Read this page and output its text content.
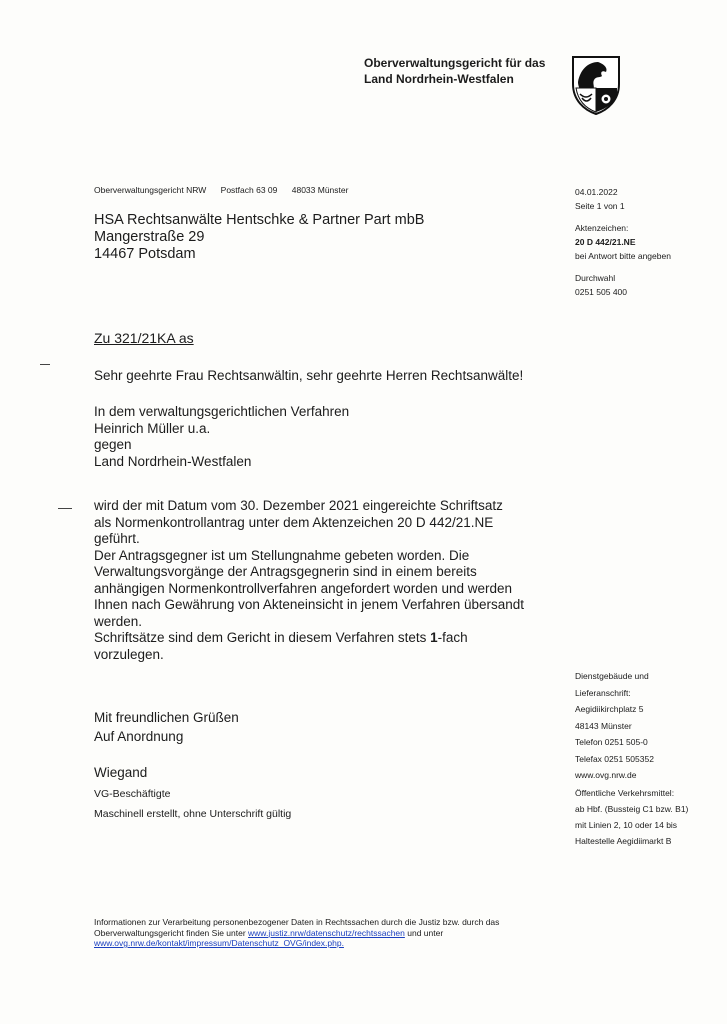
Oberverwaltungsgericht für das
Land Nordrhein-Westfalen
Oberverwaltungsgericht NRW Postfach 63 09 48033 Münster
HSA Rechtsanwälte Hentschke & Partner Part mbB
Mangerstraße 29
14467 Potsdam
04.01.2022
Seite 1 von 1
Aktenzeichen:
20 D 442/21.NE
bei Antwort bitte angeben
Durchwahl
0251 505 400
Dienstgebäude und
Lieferanschrift:
Aegidiikirchplatz 5
48143 Münster
Telefon 0251 505-0
Telefax 0251 505352
www.ovg.nrw.de
Öffentliche Verkehrsmittel:
ab Hbf. (Bussteig C1 bzw. B1)
mit Linien 2, 10 oder 14 bis
Haltestelle Aegidiimarkt B
Zu 321/21KA as
Sehr geehrte Frau Rechtsanwältin, sehr geehrte Herren Rechtsanwälte!
In dem verwaltungsgerichtlichen Verfahren
Heinrich Müller u.a.
gegen
Land Nordrhein-Westfalen
wird der mit Datum vom 30. Dezember 2021 eingereichte Schriftsatz
als Normenkontrollantrag unter dem Aktenzeichen 20 D 442/21.NE
geführt.
Der Antragsgegner ist um Stellungnahme gebeten worden. Die
Verwaltungsvorgänge der Antragsgegnerin sind in einem bereits
anhängigen Normenkontrollverfahren angefordert worden und werden
Ihnen nach Gewährung von Akteneinsicht in jenem Verfahren übersandt
werden.
Schriftsätze sind dem Gericht in diesem Verfahren stets 1-fach
vorzulegen.
Mit freundlichen Grüßen
Auf Anordnung
Wiegand
VG-Beschäftigte
Maschinell erstellt, ohne Unterschrift gültig
Informationen zur Verarbeitung personenbezogener Daten in Rechtssachen durch die Justiz bzw. durch das
Oberverwaltungsgericht finden Sie unter www.justiz.nrw/datenschutz/rechtssachen und unter
www.ovg.nrw.de/kontakt/impressum/Datenschutz_OVG/index.php.
